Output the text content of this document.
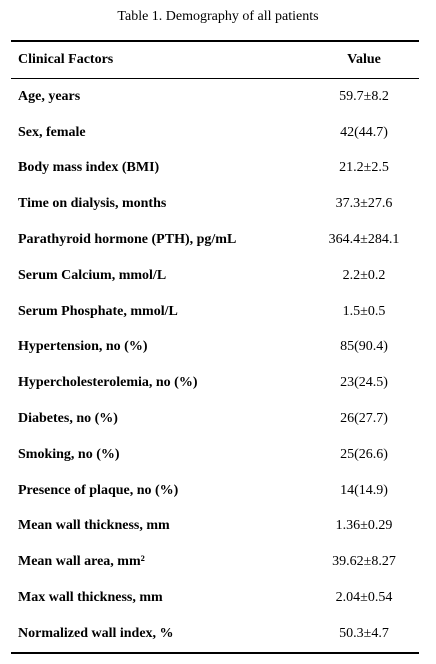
Table 1. Demography of all patients
Clinical Factors	Value
Age, years	59.7±8.2
Sex, female	42(44.7)
Body mass index (BMI)	21.2±2.5
Time on dialysis, months	37.3±27.6
Parathyroid hormone (PTH), pg/mL	364.4±284.1
Serum Calcium, mmol/L	2.2±0.2
Serum Phosphate, mmol/L	1.5±0.5
Hypertension, no (%)	85(90.4)
Hypercholesterolemia, no (%)	23(24.5)
Diabetes, no (%)	26(27.7)
Smoking, no (%)	25(26.6)
Presence of plaque, no (%)	14(14.9)
Mean wall thickness, mm	1.36±0.29
Mean wall area, mm²	39.62±8.27
Max wall thickness, mm	2.04±0.54
Normalized wall index, %	50.3±4.7
